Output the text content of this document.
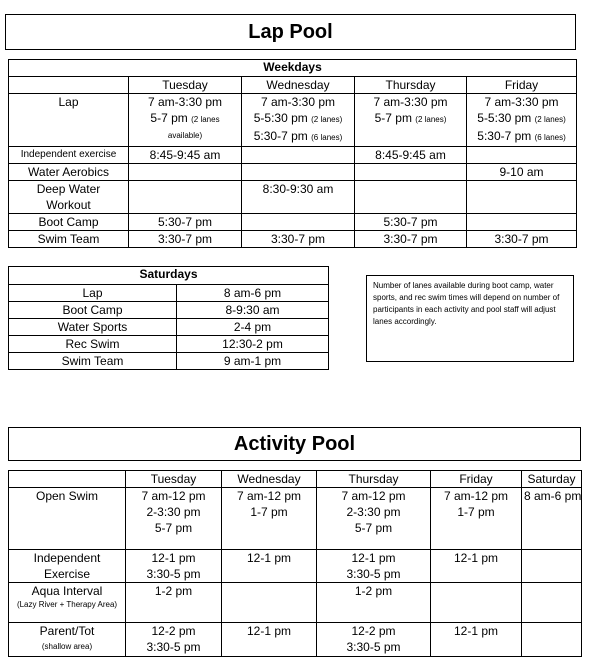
Lap Pool
Weekdays				
	Tuesday	Wednesday	Thursday	Friday
Lap	7 am-3:30 pm
5-7 pm (2 lanes
available)	7 am-3:30 pm
5-5:30 pm (2 lanes)
5:30-7 pm (6 lanes)	7 am-3:30 pm
5-7 pm (2 lanes)	7 am-3:30 pm
5-5:30 pm (2 lanes)
5:30-7 pm (6 lanes)

Independent exercise	8:45-9:45 am		8:45-9:45 am	

Water Aerobics				9-10 am

Deep Water Workout		8:30-9:30 am		

Boot Camp	5:30-7 pm		5:30-7 pm	

Swim Team	3:30-7 pm	3:30-7 pm	3:30-7 pm	3:30-7 pm
Saturdays	
Lap	8 am-6 pm
Boot Camp	8-9:30 am
Water Sports	2-4 pm
Rec Swim	12:30-2 pm
Swim Team	9 am-1 pm
Number of lanes available during boot camp, water sports, and rec swim times will depend on number of participants in each activity and pool staff will adjust lanes accordingly.
Activity Pool
	Tuesday	Wednesday	Thursday	Friday	Saturday

Open Swim	7 am-12 pm
2-3:30 pm
5-7 pm	7 am-12 pm
1-7 pm	7 am-12 pm
2-3:30 pm
5-7 pm	7 am-12 pm
1-7 pm	8 am-6 pm

Independent Exercise	12-1 pm
3:30-5 pm	12-1 pm	12-1 pm
3:30-5 pm	12-1 pm	

Aqua Interval
(Lazy River + Therapy Area)	1-2 pm		1-2 pm		

Parent/Tot
(shallow area)	12-2 pm
3:30-5 pm	12-1 pm	12-2 pm
3:30-5 pm	12-1 pm	
